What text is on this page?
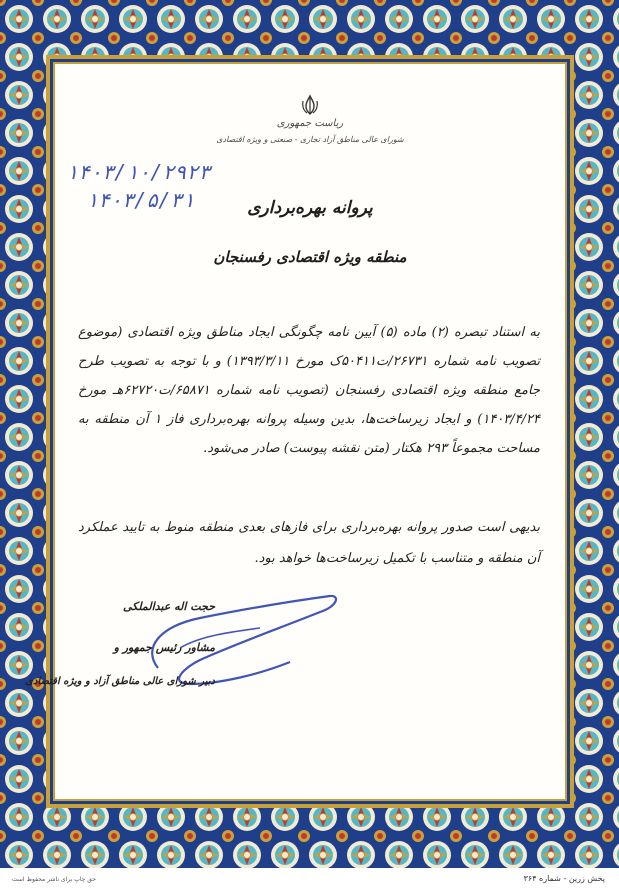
ریاست جمهوری
شورای عالی مناطق آزاد تجاری - صنعتی و ویژه اقتصادی
۱۴۰۳/۱۰/۲۹۲۳
۱۴۰۳/۵/۳۱	پروانه بهره‌برداری
منطقه ویژه اقتصادی رفسنجان
به استناد تبصره (۲) ماده (۵) آیین نامه چگونگی ایجاد مناطق ویژه اقتصادی (موضوع تصویب نامه شماره ۲۶۷۳۱/ت۵۰۴۱۱ک مورخ ۱۳۹۳/۳/۱۱) و با توجه به تصویب طرح جامع منطقه ویژه اقتصادی رفسنجان (تصویب نامه شماره ۶۵۸۷۱/ت۶۲۷۲۰هـ مورخ ۱۴۰۳/۴/۲۴) و ایجاد زیرساخت‌ها، بدین وسیله پروانه بهره‌برداری فاز ۱ آن منطقه به مساحت مجموعاً ۲۹۳ هکتار (متن نقشه پیوست) صادر می‌شود.
بدیهی است صدور پروانه بهره‌برداری برای فازهای بعدی منطقه منوط به تایید عملکرد آن منطقه و متناسب با تکمیل زیرساخت‌ها خواهد بود.
حجت اله عبدالملکی
مشاور رئیس جمهور و
دبیر شورای عالی مناطق آزاد و ویژه اقتصادی
پخش زرین - شماره ۳۶۴
حق چاپ برای ناشر محفوظ است
